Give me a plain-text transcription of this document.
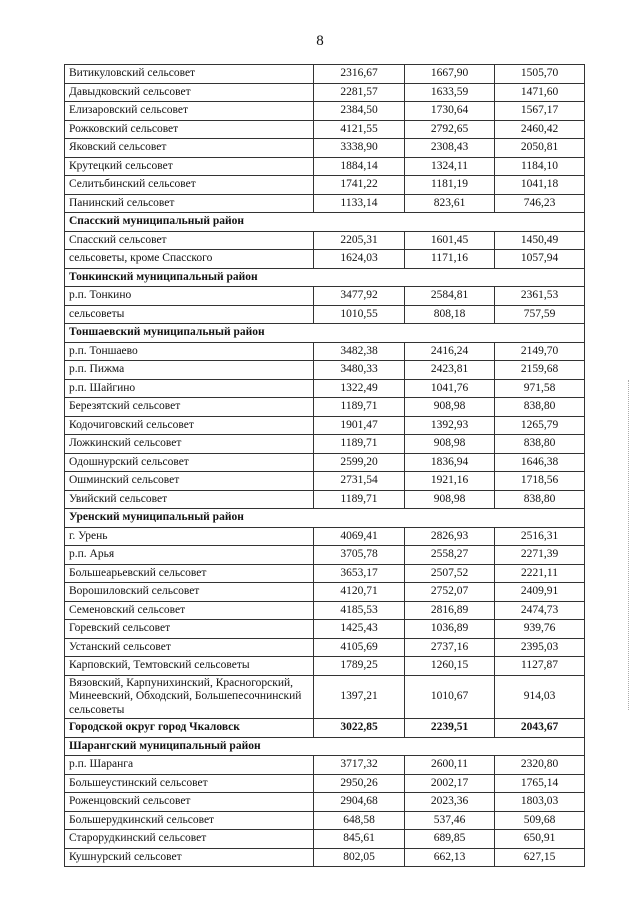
8
Витикуловский сельсовет	2316,67	1667,90	1505,70
Давыдковский сельсовет	2281,57	1633,59	1471,60
Елизаровский сельсовет	2384,50	1730,64	1567,17
Рожковский сельсовет	4121,55	2792,65	2460,42
Яковский сельсовет	3338,90	2308,43	2050,81
Крутецкий сельсовет	1884,14	1324,11	1184,10
Селитьбинский сельсовет	1741,22	1181,19	1041,18
Панинский сельсовет	1133,14	823,61	746,23
Спасский муниципальный район			
Спасский сельсовет	2205,31	1601,45	1450,49
сельсоветы, кроме Спасского	1624,03	1171,16	1057,94
Тонкинский муниципальный район			
р.п. Тонкино	3477,92	2584,81	2361,53
сельсоветы	1010,55	808,18	757,59
Тоншаевский муниципальный район			
р.п. Тоншаево	3482,38	2416,24	2149,70
р.п. Пижма	3480,33	2423,81	2159,68
р.п. Шайгино	1322,49	1041,76	971,58
Березятский сельсовет	1189,71	908,98	838,80
Кодочиговский сельсовет	1901,47	1392,93	1265,79
Ложкинский сельсовет	1189,71	908,98	838,80
Одошнурский сельсовет	2599,20	1836,94	1646,38
Ошминский сельсовет	2731,54	1921,16	1718,56
Увийский сельсовет	1189,71	908,98	838,80
Уренский муниципальный район			
г. Урень	4069,41	2826,93	2516,31
р.п. Арья	3705,78	2558,27	2271,39
Большеарьевский сельсовет	3653,17	2507,52	2221,11
Ворошиловский сельсовет	4120,71	2752,07	2409,91
Семеновский сельсовет	4185,53	2816,89	2474,73
Горевский сельсовет	1425,43	1036,89	939,76
Устанский сельсовет	4105,69	2737,16	2395,03
Карповский, Темтовский сельсоветы	1789,25	1260,15	1127,87
Вязовский, Карпунихинский, Красногорский, Минеевский, Обходский, Большепесочнинский сельсоветы	1397,21	1010,67	914,03
Городской округ город Чкаловск	3022,85	2239,51	2043,67
Шарангский муниципальный район			
р.п. Шаранга	3717,32	2600,11	2320,80
Большеустинский сельсовет	2950,26	2002,17	1765,14
Роженцовский сельсовет	2904,68	2023,36	1803,03
Большерудкинский сельсовет	648,58	537,46	509,68
Старорудкинский сельсовет	845,61	689,85	650,91
Кушнурский сельсовет	802,05	662,13	627,15
